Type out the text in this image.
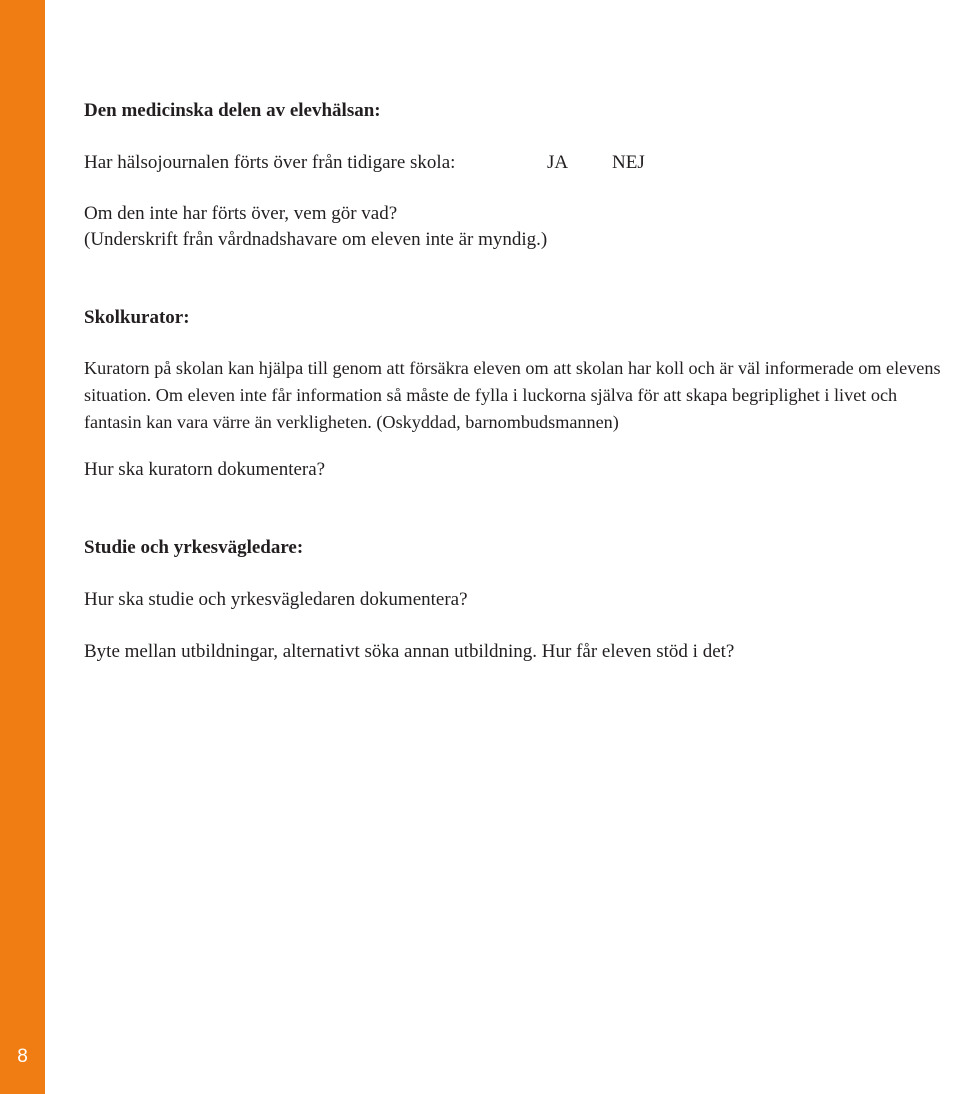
8
Den medicinska delen av elevhälsan:

Har hälsojournalen förts över från tidigare skola:	JA NEJ

Om den inte har förts över, vem gör vad?

(Underskrift från vårdnadshavare om eleven inte är myndig.)

Skolkurator:

Kuratorn på skolan kan hjälpa till genom att försäkra eleven om att skolan har koll och är väl informerade om elevens situation. Om eleven inte får information så måste de fylla i luckorna själva för att skapa begriplighet i livet och fantasin kan vara värre än verkligheten. (Oskyddad, barnombudsmannen)

Hur ska kuratorn dokumentera?

Studie och yrkesvägledare:

Hur ska studie och yrkesvägledaren dokumentera?

Byte mellan utbildningar, alternativt söka annan utbildning. Hur får eleven stöd i det?
